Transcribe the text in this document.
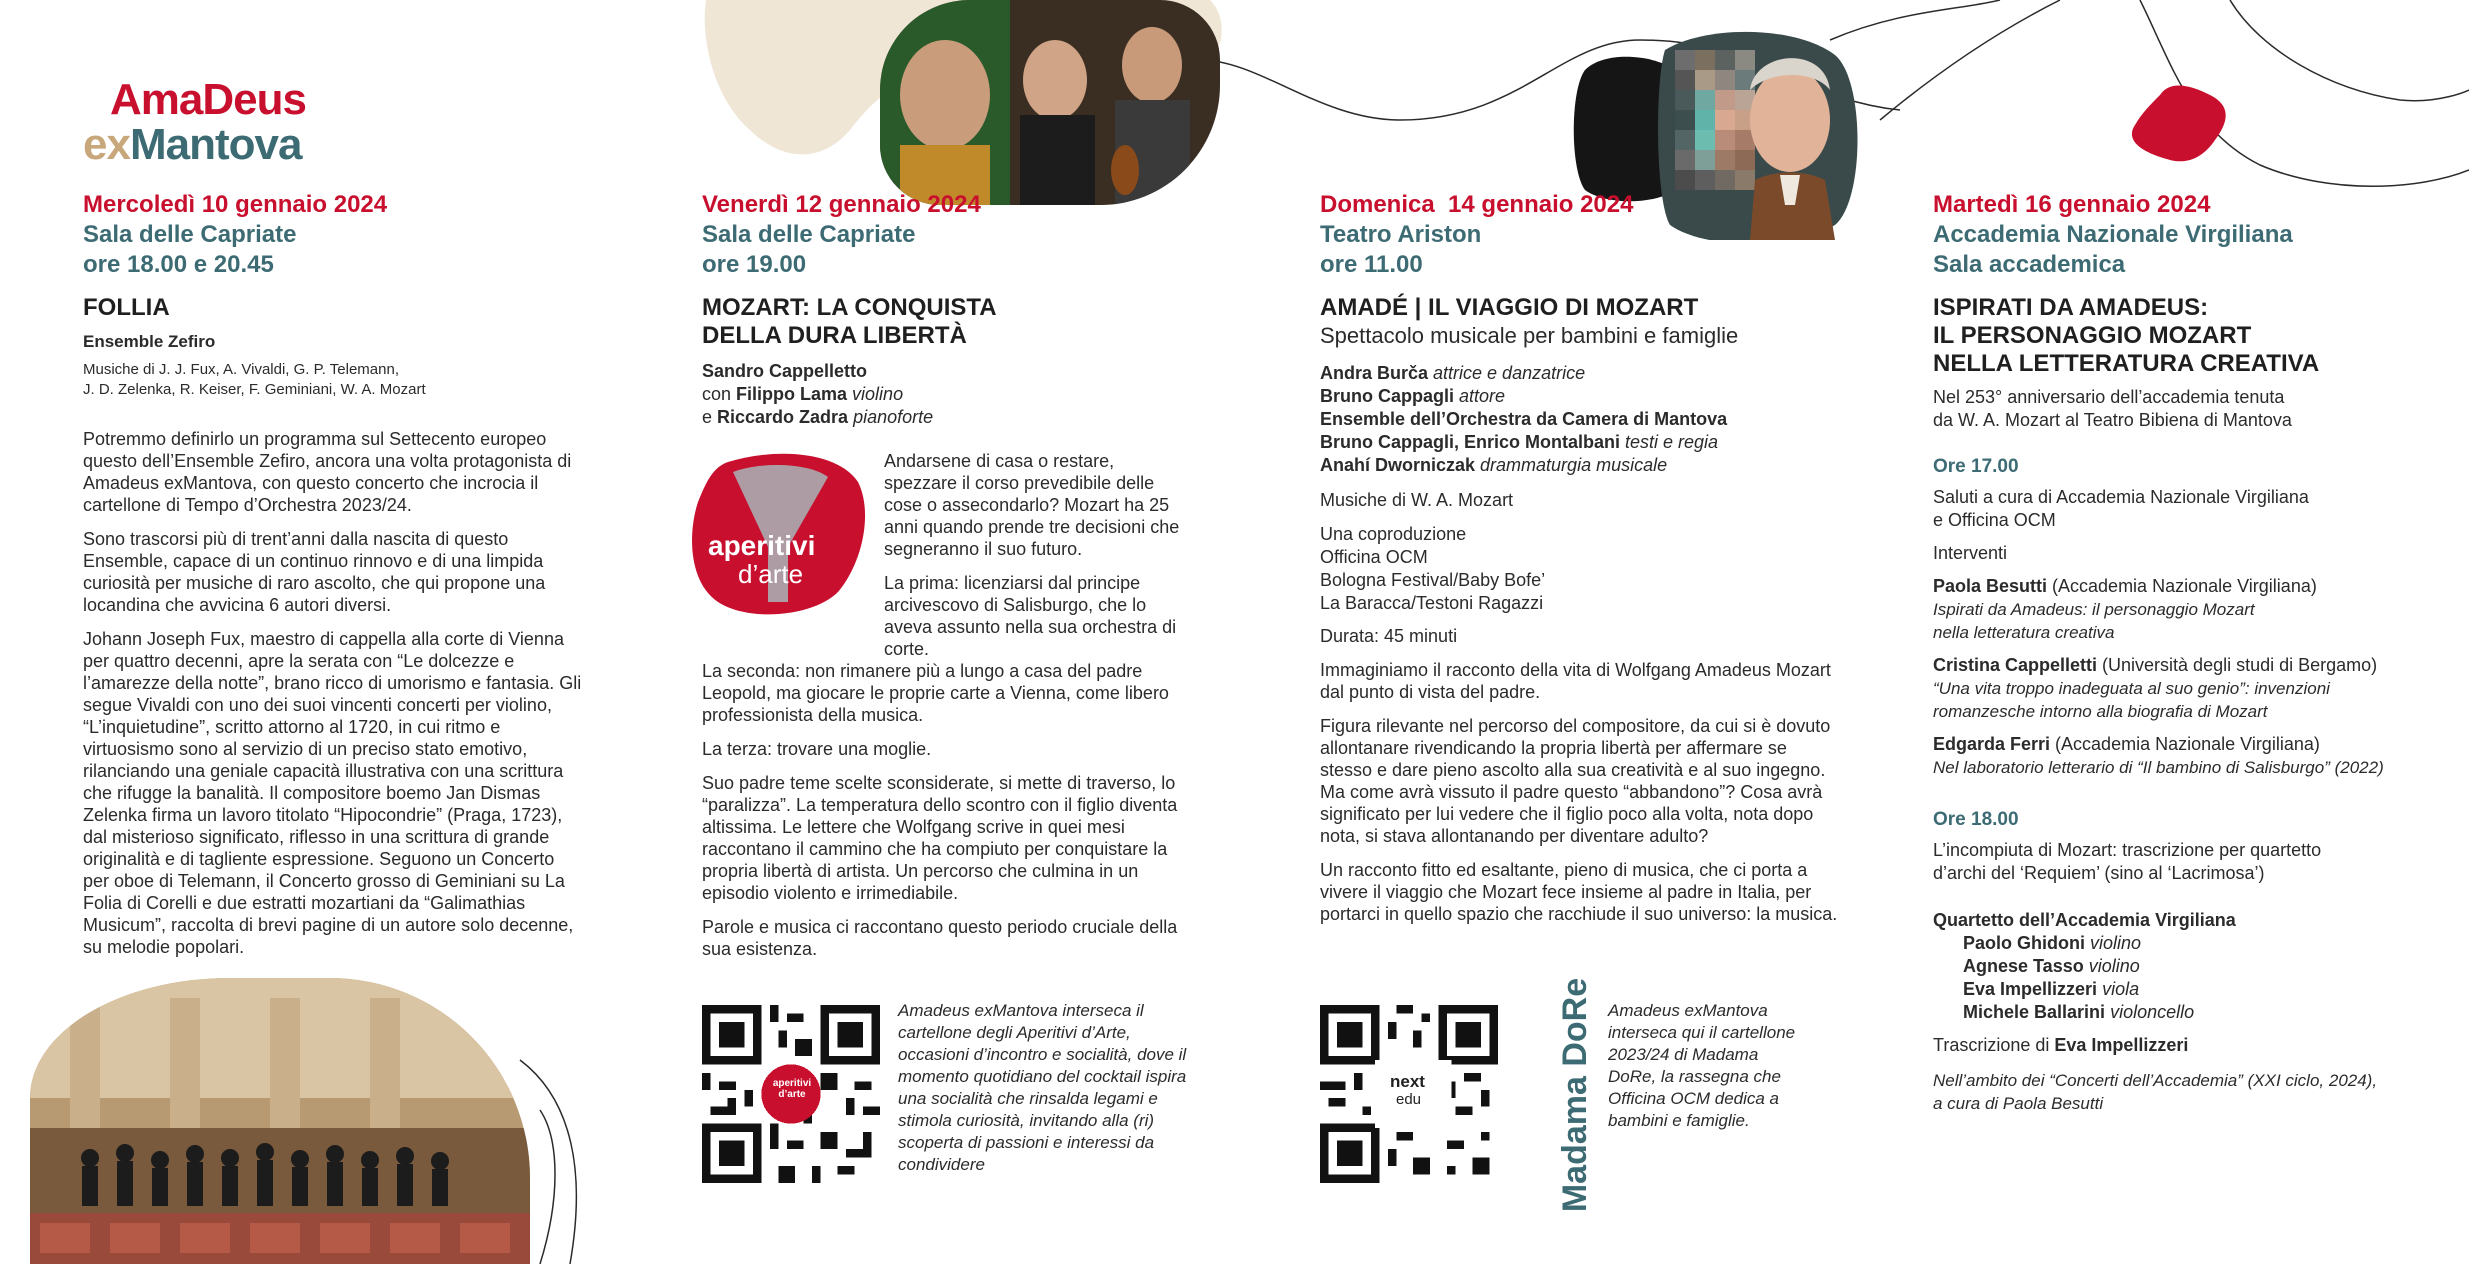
AmaDeus
exMantova
Mercoledì 10 gennaio 2024
Sala delle Capriate
ore 18.00 e 20.45
FOLLIA
Ensemble Zefiro
Musiche di J. J. Fux, A. Vivaldi, G. P. Telemann,
J. D. Zelenka, R. Keiser, F. Geminiani, W. A. Mozart

Potremmo definirlo un programma sul Settecento europeo questo dell’Ensemble Zefiro, ancora una volta protagonista di Amadeus exMantova, con questo concerto che incrocia il cartellone di Tempo d’Orchestra 2023/24.

Sono trascorsi più di trent’anni dalla nascita di questo Ensemble, capace di un continuo rinnovo e di una limpida curiosità per musiche di raro ascolto, che qui propone una locandina che avvicina 6 autori diversi.

Johann Joseph Fux, maestro di cappella alla corte di Vienna per quattro decenni, apre la serata con “Le dolcezze e l’amarezze della notte”, brano ricco di umorismo e fantasia. Gli segue Vivaldi con uno dei suoi vincenti concerti per violino, “L’inquietudine”, scritto attorno al 1720, in cui ritmo e virtuosismo sono al servizio di un preciso stato emotivo, rilanciando una geniale capacità illustrativa con una scrittura che rifugge la banalità. Il compositore boemo Jan Dismas Zelenka firma un lavoro titolato “Hipocondrie” (Praga, 1723), dal misterioso significato, riflesso in una scrittura di grande originalità e di tagliente espressione. Seguono un Concerto per oboe di Telemann, il Concerto grosso di Geminiani su La Folia di Corelli e due estratti mozartiani da “Galimathias Musicum”, raccolta di brevi pagine di un autore solo decenne, su melodie popolari.

Venerdì 12 gennaio 2024
Sala delle Capriate
ore 19.00
MOZART: LA CONQUISTA
DELLA DURA LIBERTÀ
Sandro Cappelletto
con Filippo Lama violino
e Riccardo Zadra pianoforte
aperitivi
d’arte

Andarsene di casa o restare, spezzare il corso prevedibile delle cose o assecondarlo? Mozart ha 25 anni quando prende tre decisioni che segneranno il suo futuro.

La prima: licenziarsi dal principe arcivescovo di Salisburgo, che lo aveva assunto nella sua orchestra di corte.

La seconda: non rimanere più a lungo a casa del padre Leopold, ma giocare le proprie carte a Vienna, come libero professionista della musica.

La terza: trovare una moglie.

Suo padre teme scelte sconsiderate, si mette di traverso, lo “paralizza”. La temperatura dello scontro con il figlio diventa altissima. Le lettere che Wolfgang scrive in quei mesi raccontano il cammino che ha compiuto per conquistare la propria libertà di artista. Un percorso che culmina in un episodio violento e irrimediabile.

Parole e musica ci raccontano questo periodo cruciale della sua esistenza.

aperitivi
d’arte
Amadeus exMantova interseca il cartellone degli Aperitivi d’Arte, occasioni d’incontro e socialità, dove il momento quotidiano del cocktail ispira una socialità che rinsalda legami e stimola curiosità, invitando alla (ri) scoperta di passioni e interessi da condividere
Domenica  14 gennaio 2024
Teatro Ariston
ore 11.00
AMADÉ | IL VIAGGIO DI MOZART
Spettacolo musicale per bambini e famiglie
Andra Burča attrice e danzatrice
Bruno Cappagli attore
Ensemble dell’Orchestra da Camera di Mantova
Bruno Cappagli, Enrico Montalbani testi e regia
Anahí Dworniczak drammaturgia musicale

Musiche di W. A. Mozart

Una coproduzione
Officina OCM
Bologna Festival/Baby Bofe’
La Baracca/Testoni Ragazzi

Durata: 45 minuti

Immaginiamo il racconto della vita di Wolfgang Amadeus Mozart dal punto di vista del padre.

Figura rilevante nel percorso del compositore, da cui si è dovuto allontanare rivendicando la propria libertà per affermare se stesso e dare pieno ascolto alla sua creatività e al suo ingegno. Ma come avrà vissuto il padre questo “abbandono”? Cosa avrà significato per lui vedere che il figlio poco alla volta, nota dopo nota, si stava allontanando per diventare adulto?

Un racconto fitto ed esaltante, pieno di musica, che ci porta a vivere il viaggio che Mozart fece insieme al padre in Italia, per portarci in quello spazio che racchiude il suo universo: la musica.

next
edu	Madama DoRe Amadeus exMantova interseca qui il cartellone 2023/24 di Madama DoRe, la rassegna che Officina OCM dedica a bambini e famiglie.
Martedì 16 gennaio 2024
Accademia Nazionale Virgiliana
Sala accademica
ISPIRATI DA AMADEUS:
IL PERSONAGGIO MOZART
NELLA LETTERATURA CREATIVA
Nel 253° anniversario dell’accademia tenuta
da W. A. Mozart al Teatro Bibiena di Mantova
Ore 17.00
Saluti a cura di Accademia Nazionale Virgiliana
e Officina OCM
Interventi
Paola Besutti (Accademia Nazionale Virgiliana)
Ispirati da Amadeus: il personaggio Mozart
nella letteratura creativa
Cristina Cappelletti (Università degli studi di Bergamo)
“Una vita troppo inadeguata al suo genio”: invenzioni
romanzesche intorno alla biografia di Mozart
Edgarda Ferri (Accademia Nazionale Virgiliana)
Nel laboratorio letterario di “Il bambino di Salisburgo” (2022)
Ore 18.00
L’incompiuta di Mozart: trascrizione per quartetto
d’archi del ‘Requiem’ (sino al ‘Lacrimosa’)
Quartetto dell’Accademia Virgiliana
Paolo Ghidoni violino
Agnese Tasso violino
Eva Impellizzeri viola
Michele Ballarini violoncello
Trascrizione di Eva Impellizzeri
Nell’ambito dei “Concerti dell’Accademia” (XXI ciclo, 2024),
a cura di Paola Besutti
